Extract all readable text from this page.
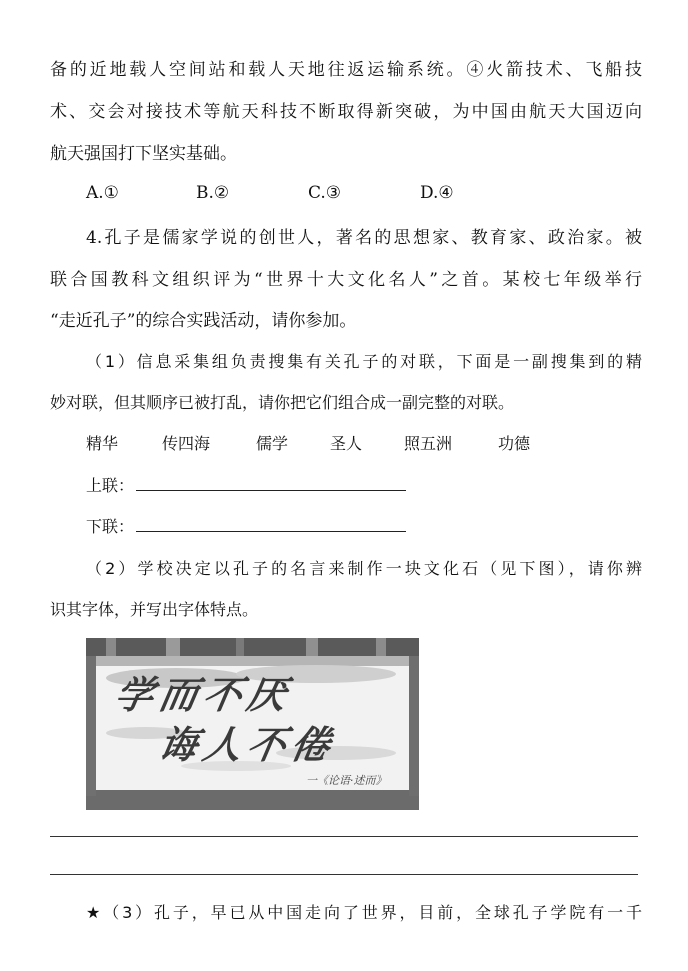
备的近地载人空间站和载人天地往返运输系统。④火箭技术、飞船技
术、交会对接技术等航天科技不断取得新突破，为中国由航天大国迈向
航天强国打下坚实基础。
A.①	B.②	C.③	D.④
4.孔子是儒家学说的创世人，著名的思想家、教育家、政治家。被
联合国教科文组织评为“世界十大文化名人”之首。某校七年级举行
“走近孔子”的综合实践活动，请你参加。
（1）信息采集组负责搜集有关孔子的对联，下面是一副搜集到的精
妙对联，但其顺序已被打乱，请你把它们组合成一副完整的对联。
精华	传四海	儒学	圣人	照五洲	功德
上联：
下联：
（2）学校决定以孔子的名言来制作一块文化石（见下图），请你辨
识其字体，并写出字体特点。
学而不厌
诲人不倦
一《论语·述而》
★（3）孔子，早已从中国走向了世界，目前，全球孔子学院有一千
